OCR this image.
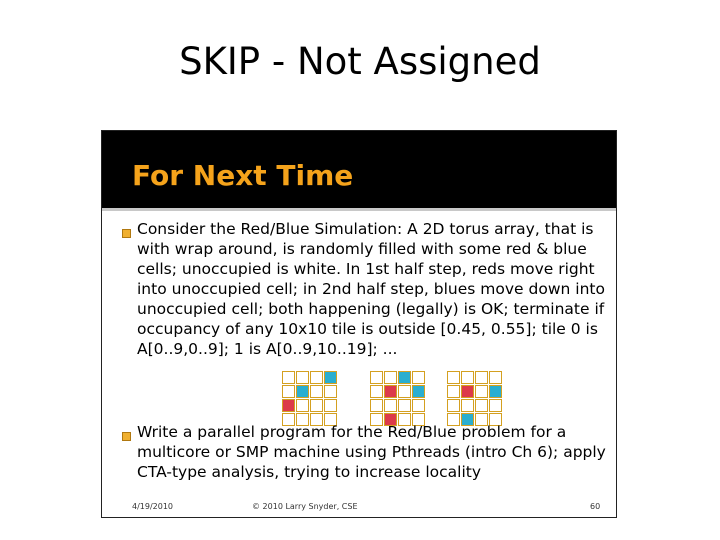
SKIP - Not Assigned
For Next Time
Consider the Red/Blue Simulation: A 2D torus array, that is with wrap around, is randomly filled with some red & blue cells; unoccupied is white. In 1st half step, reds move right into unoccupied cell; in 2nd half step, blues move down into unoccupied cell; both happening (legally) is OK; terminate if occupancy of any 10x10 tile is outside [0.45, 0.55]; tile 0 is A[0..9,0..9]; 1 is A[0..9,10..19]; ...
Write a parallel program for the Red/Blue problem for a multicore or SMP machine using Pthreads (intro Ch 6); apply CTA-type analysis, trying to increase locality
4/19/2010	© 2010 Larry Snyder, CSE	60
